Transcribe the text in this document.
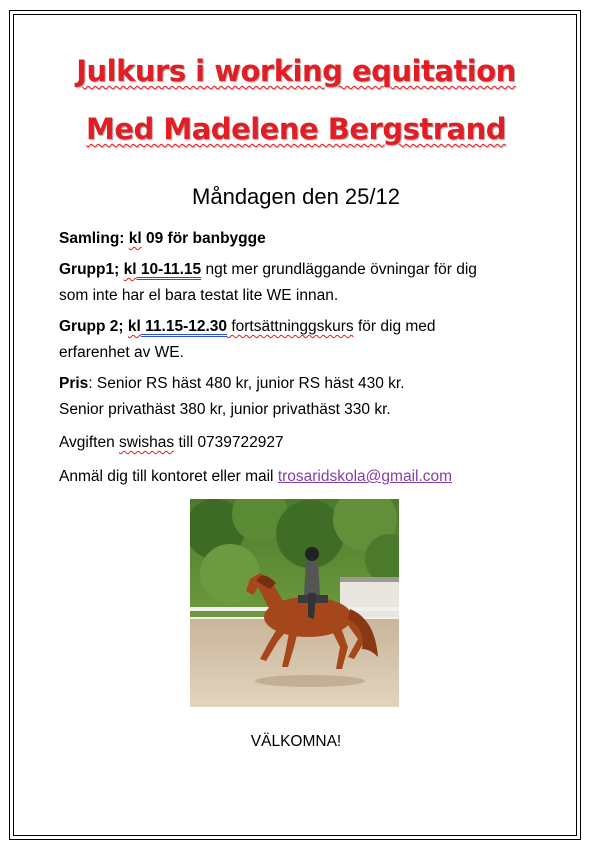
Julkurs i working equitation
Med Madelene Bergstrand
Måndagen den 25/12
Samling: kl 09 för banbygge
Grupp1; kl 10-11.15 ngt mer grundläggande övningar för dig
som inte har el bara testat lite WE innan.
Grupp 2; kl 11.15-12.30 fortsättninggskurs för dig med
erfarenhet av WE.
Pris: Senior RS häst 480 kr, junior RS häst 430 kr.
Senior privathäst 380 kr, junior privathäst 330 kr.
Avgiften swishas till 0739722927
Anmäl dig till kontoret eller mail trosaridskola@gmail.com
VÄLKOMNA!
